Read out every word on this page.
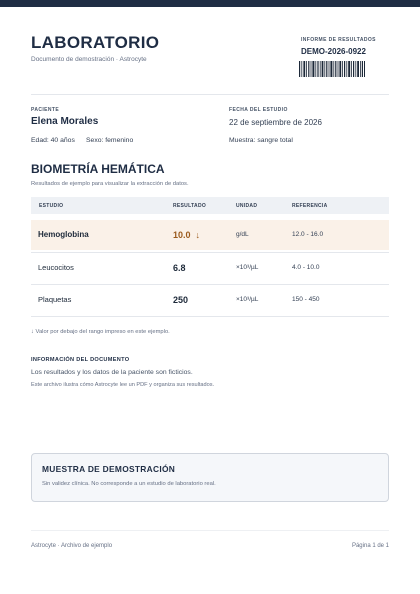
LABORATORIO
Documento de demostración · Astrocyte
INFORME DE RESULTADOS
DEMO-2026-0922
PACIENTE
Elena Morales
Edad: 40 años Sexo: femenino
FECHA DEL ESTUDIO
22 de septiembre de 2026
Muestra: sangre total
BIOMETRÍA HEMÁTICA
Resultados de ejemplo para visualizar la extracción de datos.
ESTUDIO	RESULTADO	UNIDAD	REFERENCIA
Hemoglobina	10.0 ↓	g/dL	12.0 - 16.0
Leucocitos	6.8	×10³/µL	4.0 - 10.0
Plaquetas	250	×10³/µL	150 - 450
↓ Valor por debajo del rango impreso en este ejemplo.
INFORMACIÓN DEL DOCUMENTO
Los resultados y los datos de la paciente son ficticios.
Este archivo ilustra cómo Astrocyte lee un PDF y organiza sus resultados.
MUESTRA DE DEMOSTRACIÓN
Sin validez clínica. No corresponde a un estudio de laboratorio real.
Astrocyte · Archivo de ejemplo	Página 1 de 1
